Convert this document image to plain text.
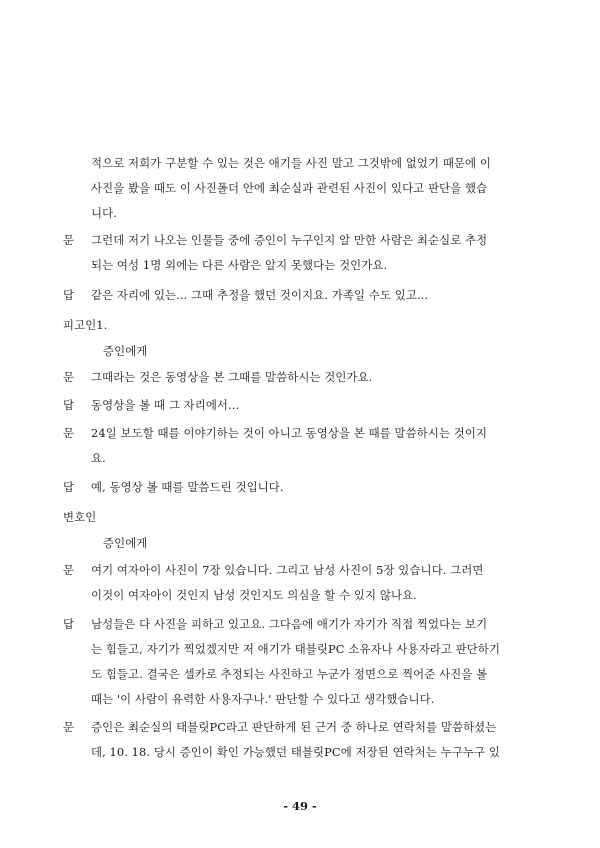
적으로 저희가 구분할 수 있는 것은 애기들 사진 말고 그것밖에 없었기 때문에 이
사진을 봤을 때도 이 사진폴더 안에 최순실과 관련된 사진이 있다고 판단을 했습
니다.
문 그런데 저기 나오는 인물들 중에 증인이 누구인지 알 만한 사람은 최순실로 추정
되는 여성 1명 외에는 다른 사람은 알지 못했다는 것인가요.
답 같은 자리에 있는... 그때 추정을 했던 것이지요. 가족일 수도 있고...
피고인1.
증인에게
문 그때라는 것은 동영상을 본 그때를 말씀하시는 것인가요.
답 동영상을 볼 때 그 자리에서...
문 24일 보도할 때를 이야기하는 것이 아니고 동영상을 본 때를 말씀하시는 것이지
요.
답 예, 동영상 볼 때를 말씀드린 것입니다.
변호인
증인에게
문 여기 여자아이 사진이 7장 있습니다. 그리고 남성 사진이 5장 있습니다. 그러면
이것이 여자아이 것인지 남성 것인지도 의심을 할 수 있지 않나요.
답 남성들은 다 사진을 피하고 있고요. 그다음에 애기가 자기가 직접 찍었다는 보기
는 힘들고, 자기가 찍었겠지만 저 애기가 태블릿PC 소유자나 사용자라고 판단하기
도 힘들고. 결국은 셀카로 추정되는 사진하고 누군가 정면으로 찍어준 사진을 볼
때는 '이 사람이 유력한 사용자구나.' 판단할 수 있다고 생각했습니다.
문 증인은 최순실의 태블릿PC라고 판단하게 된 근거 중 하나로 연락처를 말씀하셨는
데, 10. 18. 당시 증인이 확인 가능했던 태블릿PC에 저장된 연락처는 누구누구 있
- 49 -
